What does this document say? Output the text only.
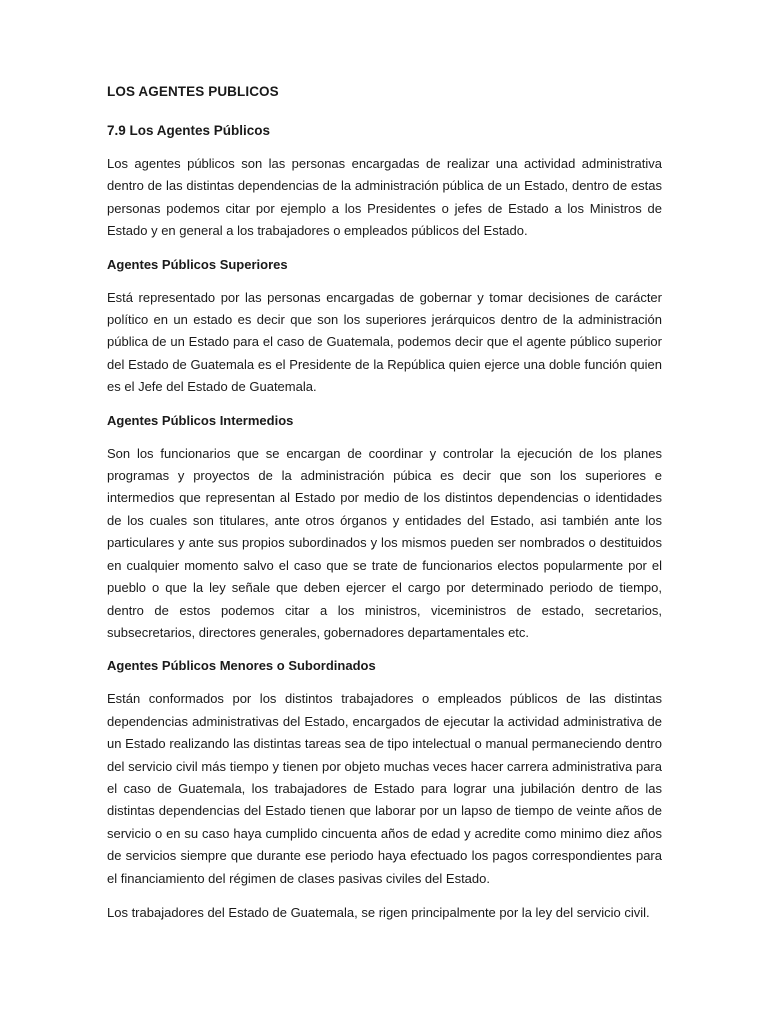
LOS AGENTES PUBLICOS
7.9 Los Agentes Públicos

Los agentes públicos son las personas encargadas de realizar una actividad administrativa dentro de las distintas dependencias de la administración pública de un Estado, dentro de estas personas podemos citar por ejemplo a los Presidentes o jefes de Estado a los Ministros de Estado y en general a los trabajadores o empleados públicos del Estado.

Agentes Públicos Superiores

Está representado por las personas encargadas de gobernar y tomar decisiones de carácter político en un estado es decir que son los superiores jerárquicos dentro de la administración pública de un Estado para el caso de Guatemala, podemos decir que el agente público superior del Estado de Guatemala es el Presidente de la República quien ejerce una doble función quien es el Jefe del Estado de Guatemala.

Agentes Públicos Intermedios

Son los funcionarios que se encargan de coordinar y controlar la ejecución de los planes programas y proyectos de la administración púbica es decir que son los superiores e intermedios que representan al Estado por medio de los distintos dependencias o identidades de los cuales son titulares, ante otros órganos y entidades del Estado, asi también ante los particulares y ante sus propios subordinados y los mismos pueden ser nombrados o destituidos en cualquier momento salvo el caso que se trate de funcionarios electos popularmente por el pueblo o que la ley señale que deben ejercer el cargo por determinado periodo de tiempo, dentro de estos podemos citar a los ministros, viceministros de estado, secretarios, subsecretarios, directores generales, gobernadores departamentales etc.

Agentes Públicos Menores o Subordinados

Están conformados por los distintos trabajadores o empleados públicos de las distintas dependencias administrativas del Estado, encargados de ejecutar la actividad administrativa de un Estado realizando las distintas tareas sea de tipo intelectual o manual permaneciendo dentro del servicio civil más tiempo y tienen por objeto muchas veces hacer carrera administrativa para el caso de Guatemala, los trabajadores de Estado para lograr una jubilación dentro de las distintas dependencias del Estado tienen que laborar por un lapso de tiempo de veinte años de servicio o en su caso haya cumplido cincuenta años de edad y acredite como minimo diez años de servicios siempre que durante ese periodo haya efectuado los pagos correspondientes para el financiamiento del régimen de clases pasivas civiles del Estado.

Los trabajadores del Estado de Guatemala, se rigen principalmente por la ley del servicio civil.
